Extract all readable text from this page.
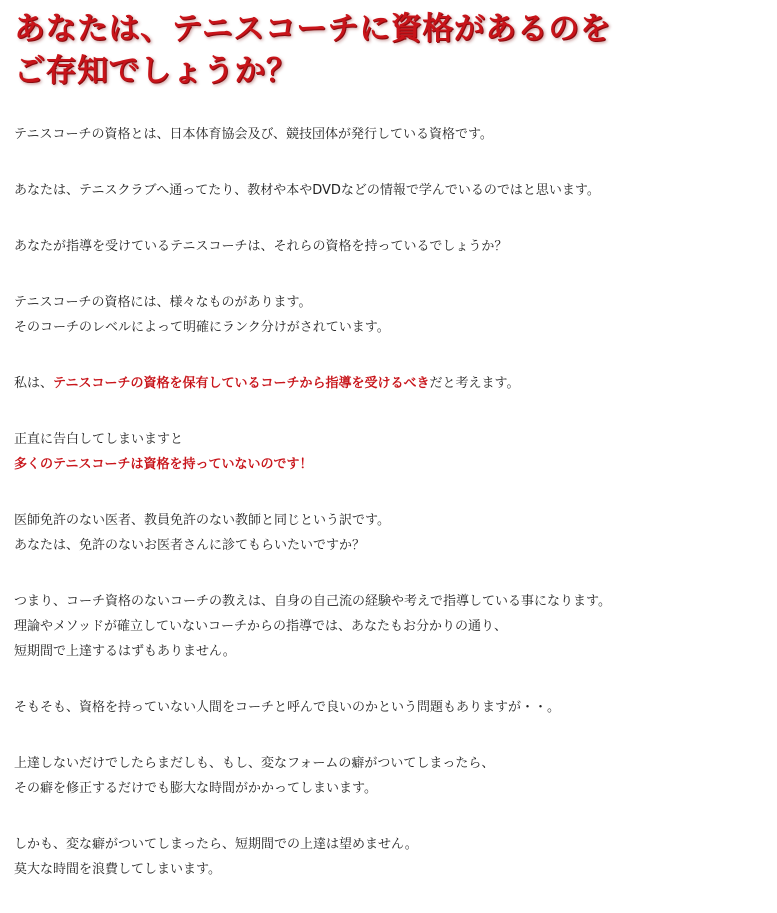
あなたは、テニスコーチに資格があるのを
ご存知でしょうか？

テニスコーチの資格とは、日本体育協会及び、競技団体が発行している資格です。

あなたは、テニスクラブへ通ってたり、教材や本やDVDなどの情報で学んでいるのではと思います。

あなたが指導を受けているテニスコーチは、それらの資格を持っているでしょうか？

テニスコーチの資格には、様々なものがあります。
そのコーチのレベルによって明確にランク分けがされています。

私は、テニスコーチの資格を保有しているコーチから指導を受けるべきだと考えます。

正直に告白してしまいますと
多くのテニスコーチは資格を持っていないのです！

医師免許のない医者、教員免許のない教師と同じという訳です。
あなたは、免許のないお医者さんに診てもらいたいですか？

つまり、コーチ資格のないコーチの教えは、自身の自己流の経験や考えで指導している事になります。
理論やメソッドが確立していないコーチからの指導では、あなたもお分かりの通り、
短期間で上達するはずもありません。

そもそも、資格を持っていない人間をコーチと呼んで良いのかという問題もありますが・・。

上達しないだけでしたらまだしも、もし、変なフォームの癖がついてしまったら、
その癖を修正するだけでも膨大な時間がかかってしまいます。

しかも、変な癖がついてしまったら、短期間での上達は望めません。
莫大な時間を浪費してしまいます。
